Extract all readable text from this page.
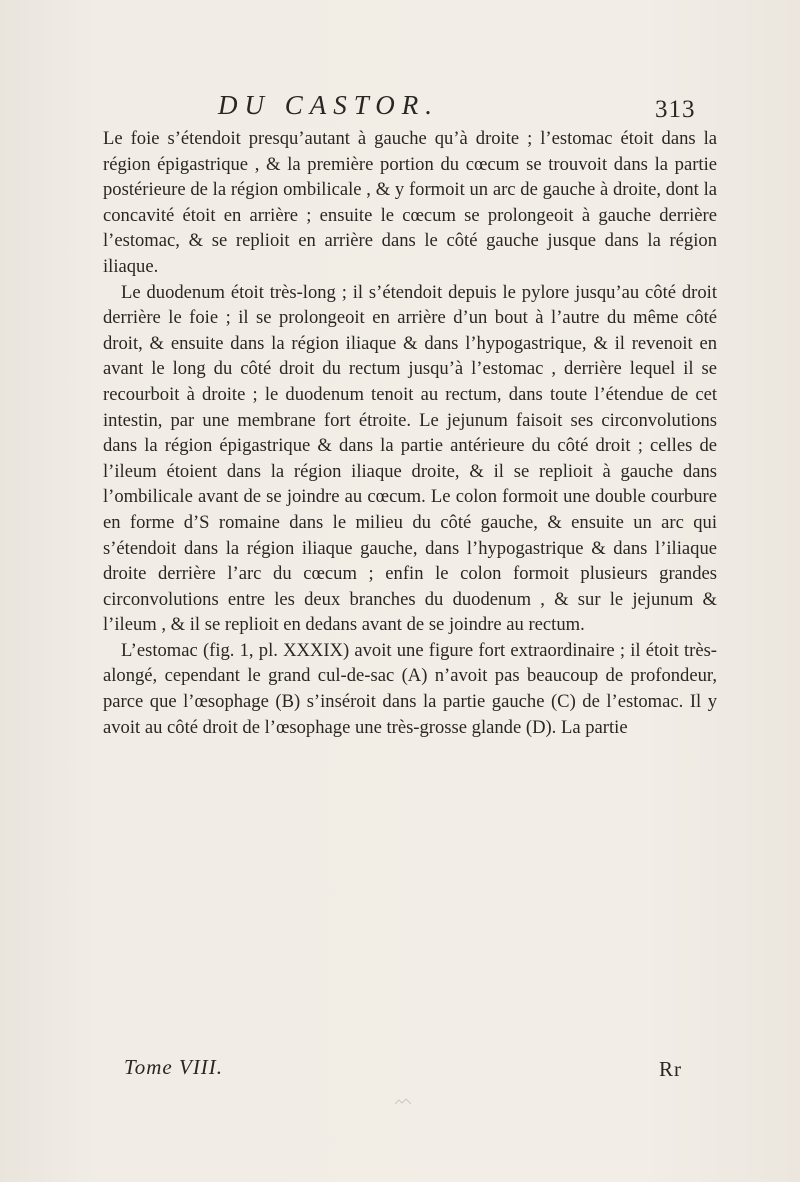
DU CASTOR.	313

Le foie s’étendoit presqu’autant à gauche qu’à droite ; l’estomac étoit dans la région épigastrique , & la première portion du cœcum se trouvoit dans la partie postérieure de la région ombilicale , & y formoit un arc de gauche à droite, dont la concavité étoit en arrière ; ensuite le cœcum se prolongeoit à gauche derrière l’estomac, & se replioit en arrière dans le côté gauche jusque dans la région iliaque.

Le duodenum étoit très-long ; il s’étendoit depuis le pylore jusqu’au côté droit derrière le foie ; il se prolongeoit en arrière d’un bout à l’autre du même côté droit, & ensuite dans la région iliaque & dans l’hypogastrique, & il revenoit en avant le long du côté droit du rectum jusqu’à l’estomac , derrière lequel il se recourboit à droite ; le duodenum tenoit au rectum, dans toute l’étendue de cet intestin, par une membrane fort étroite. Le jejunum faisoit ses circonvolutions dans la région épigastrique & dans la partie antérieure du côté droit ; celles de l’ileum étoient dans la région iliaque droite, & il se replioit à gauche dans l’ombilicale avant de se joindre au cœcum. Le colon formoit une double courbure en forme d’S romaine dans le milieu du côté gauche, & ensuite un arc qui s’étendoit dans la région iliaque gauche, dans l’hypogastrique & dans l’iliaque droite derrière l’arc du cœcum ; enfin le colon formoit plusieurs grandes circonvolutions entre les deux branches du duodenum , & sur le jejunum & l’ileum , & il se replioit en dedans avant de se joindre au rectum.

L’estomac (fig. 1, pl. XXXIX) avoit une figure fort extraordinaire ; il étoit très-alongé, cependant le grand cul-de-sac (A) n’avoit pas beaucoup de profondeur, parce que l’œsophage (B) s’inséroit dans la partie gauche (C) de l’estomac. Il y avoit au côté droit de l’œsophage une très-grosse glande (D). La partie

Tome VIII.	Rr
